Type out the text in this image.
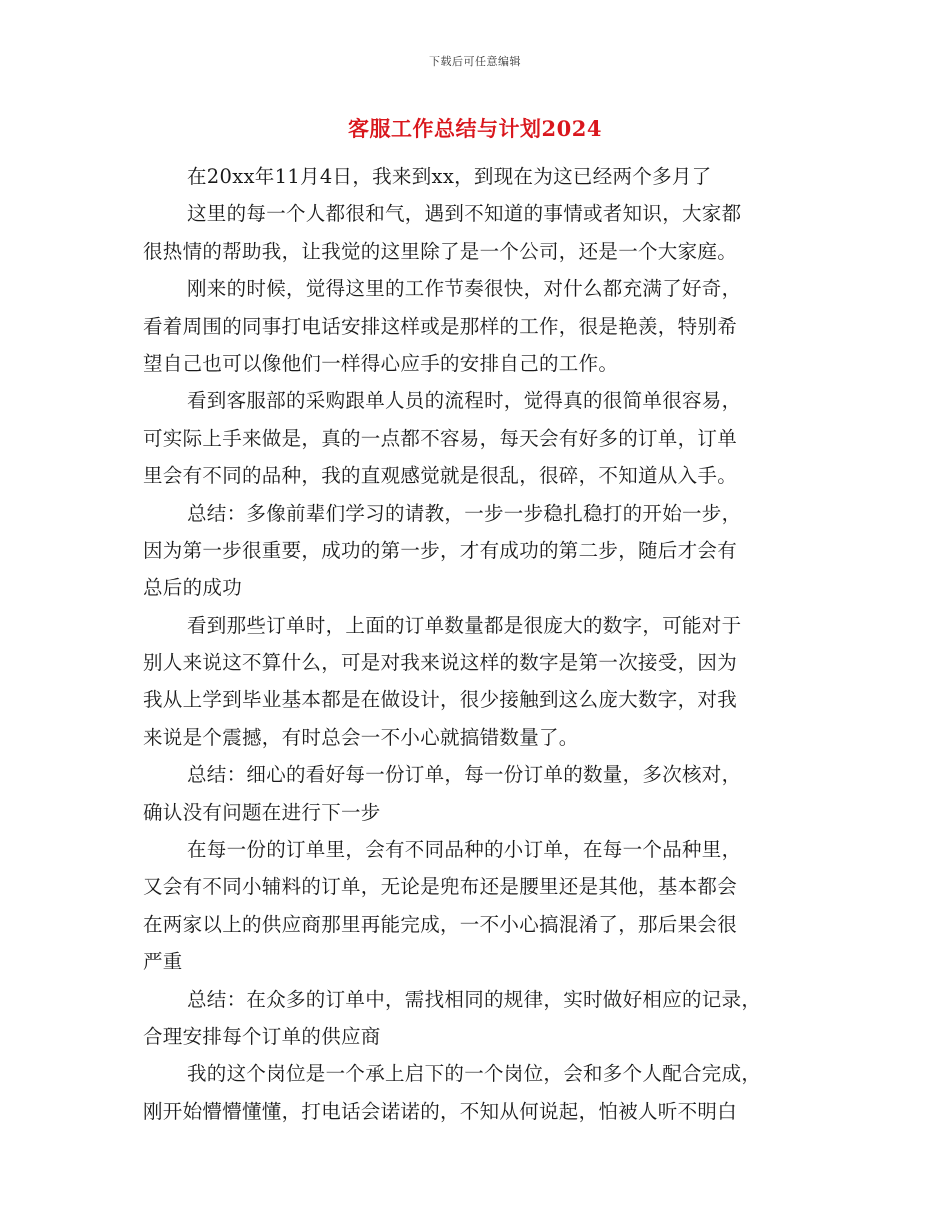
下载后可任意编辑
客服工作总结与计划2024
在20xx年11月4日，我来到xx，到现在为这已经两个多月了
这里的每一个人都很和气，遇到不知道的事情或者知识，大家都
很热情的帮助我，让我觉的这里除了是一个公司，还是一个大家庭。
刚来的时候，觉得这里的工作节奏很快，对什么都充满了好奇，
看着周围的同事打电话安排这样或是那样的工作，很是艳羡，特别希
望自己也可以像他们一样得心应手的安排自己的工作。
看到客服部的采购跟单人员的流程时，觉得真的很简单很容易，
可实际上手来做是，真的一点都不容易，每天会有好多的订单，订单
里会有不同的品种，我的直观感觉就是很乱，很碎，不知道从入手。
总结：多像前辈们学习的请教，一步一步稳扎稳打的开始一步，
因为第一步很重要，成功的第一步，才有成功的第二步，随后才会有
总后的成功
看到那些订单时，上面的订单数量都是很庞大的数字，可能对于
别人来说这不算什么，可是对我来说这样的数字是第一次接受，因为
我从上学到毕业基本都是在做设计，很少接触到这么庞大数字，对我
来说是个震撼，有时总会一不小心就搞错数量了。
总结：细心的看好每一份订单，每一份订单的数量，多次核对，
确认没有问题在进行下一步
在每一份的订单里，会有不同品种的小订单，在每一个品种里，
又会有不同小辅料的订单，无论是兜布还是腰里还是其他，基本都会
在两家以上的供应商那里再能完成，一不小心搞混淆了，那后果会很
严重
总结：在众多的订单中，需找相同的规律，实时做好相应的记录，
合理安排每个订单的供应商
我的这个岗位是一个承上启下的一个岗位，会和多个人配合完成，
刚开始懵懵懂懂，打电话会诺诺的，不知从何说起，怕被人听不明白
